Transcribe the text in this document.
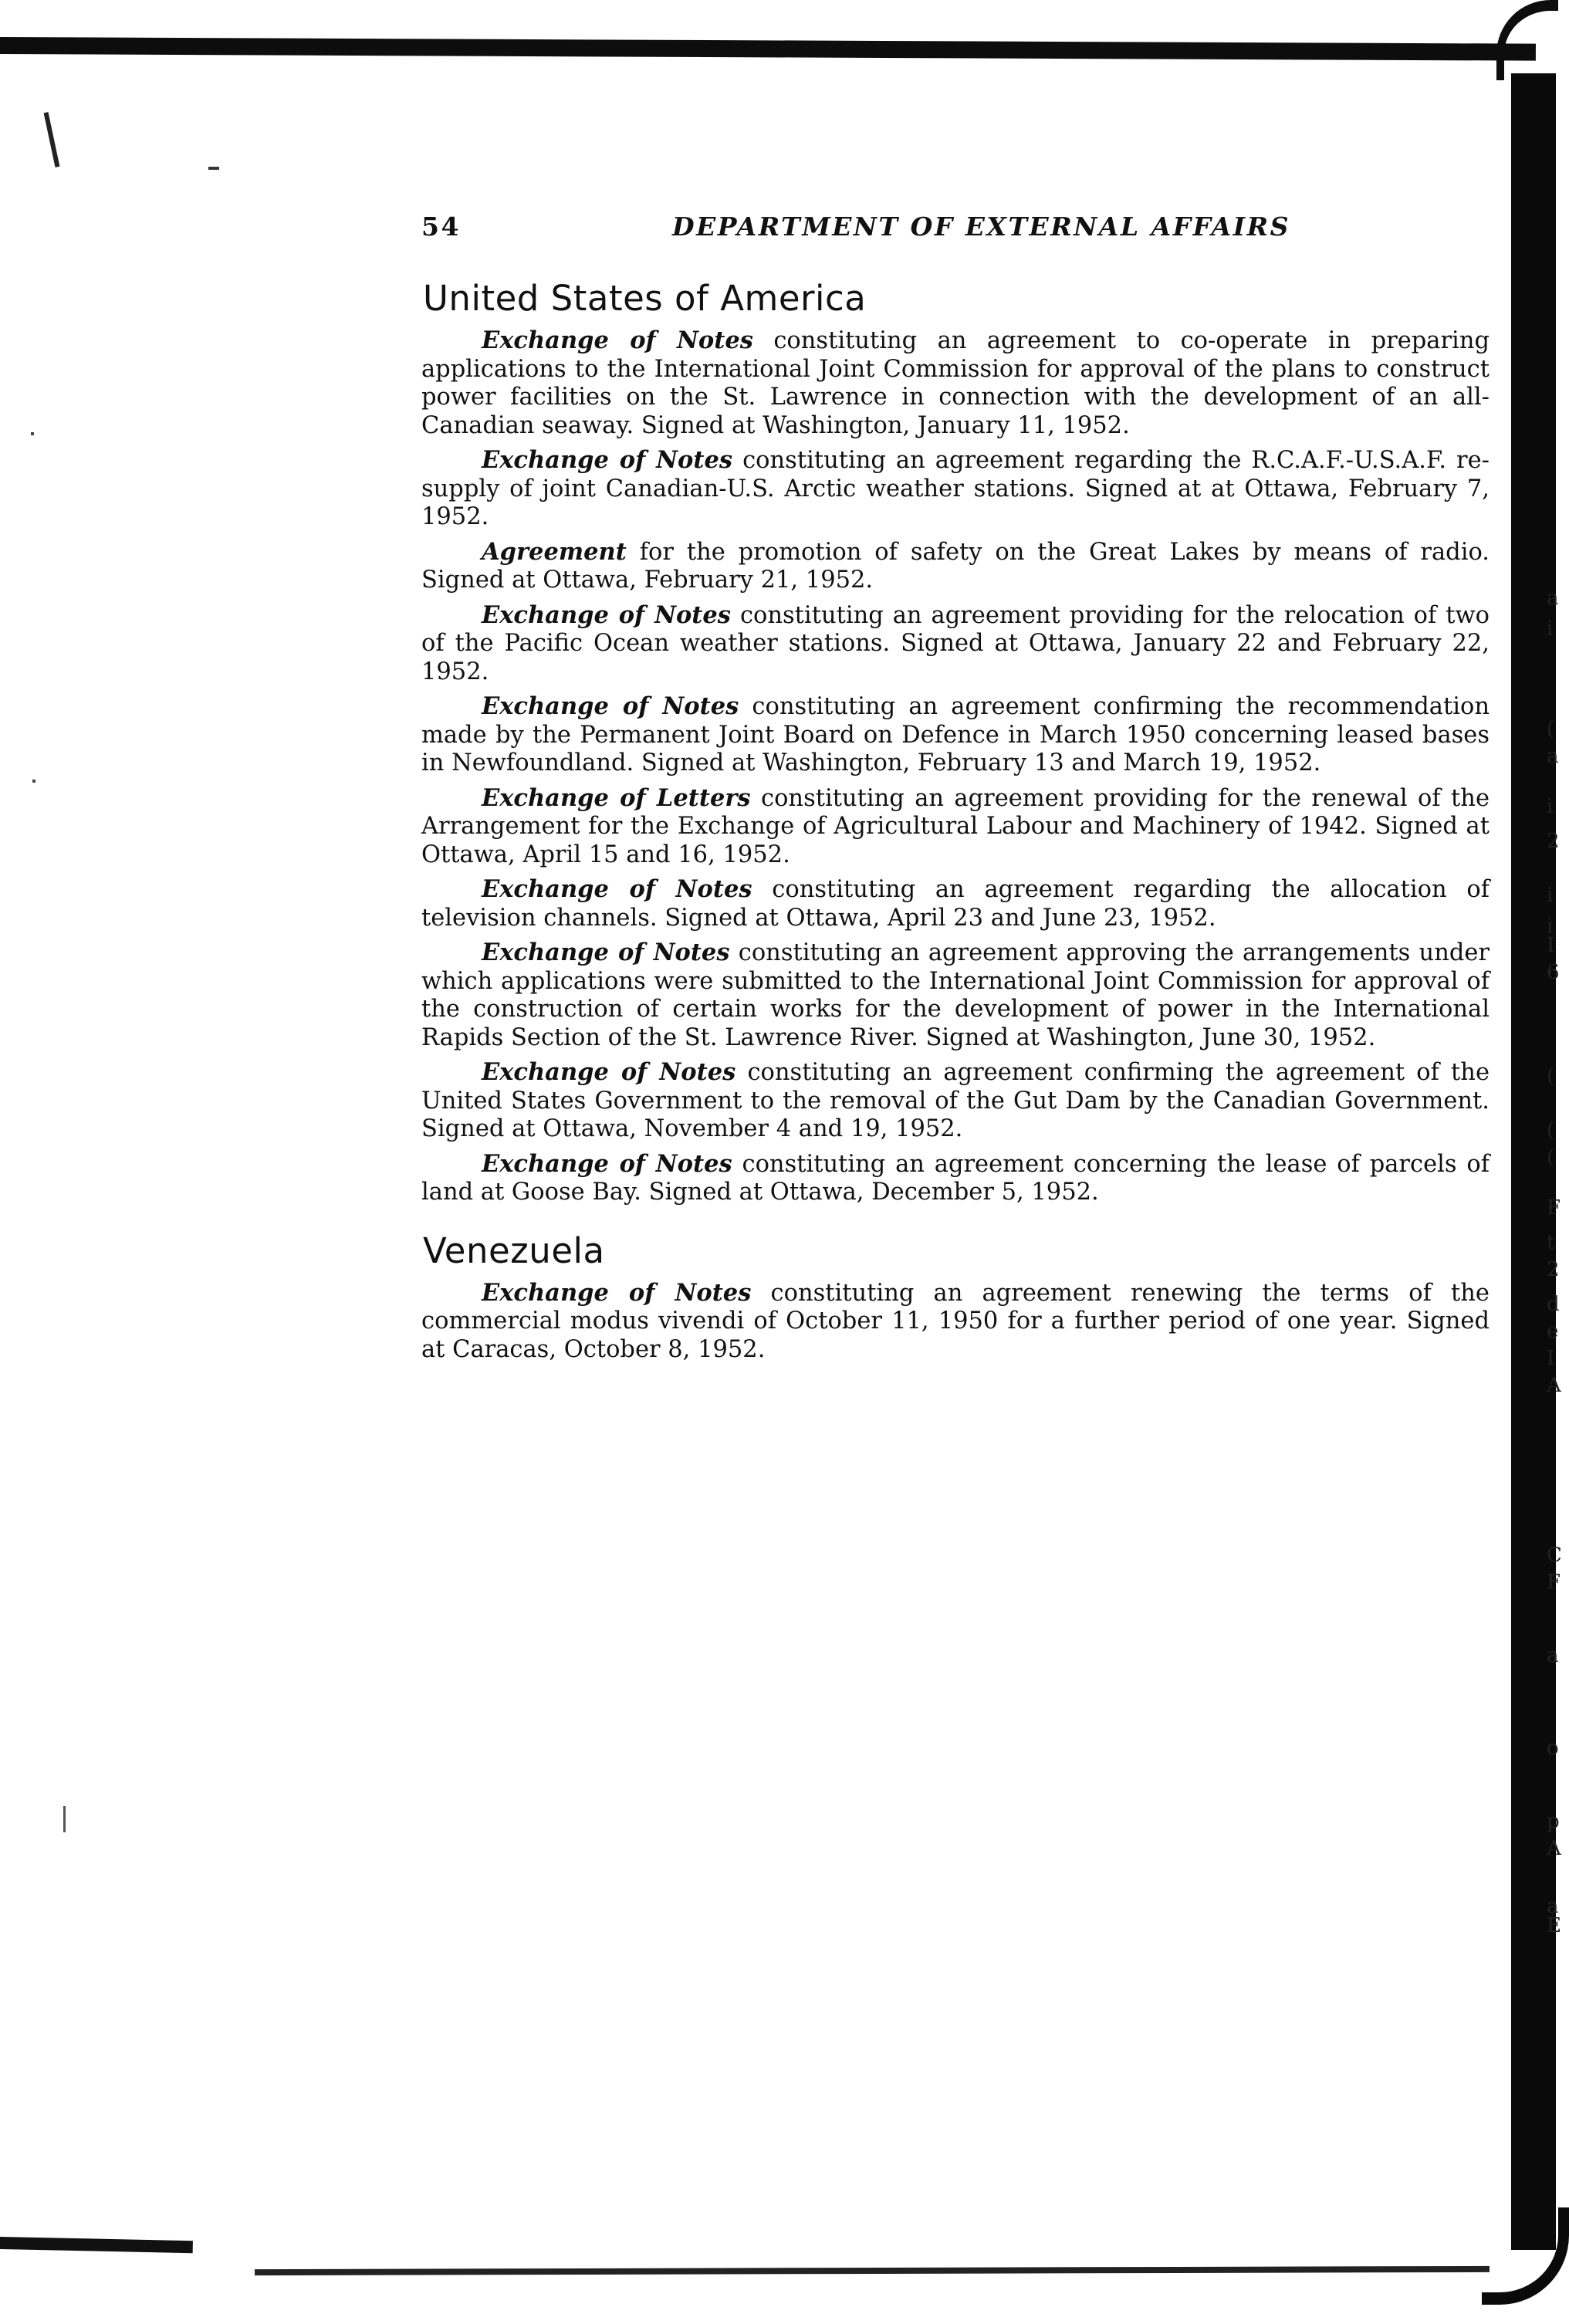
a
i
(
a
i
2
i
i
I
6
(
(
(
F
t
2
d
e
I
A
C
F
a
o
p
A
a
E
54	DEPARTMENT OF EXTERNAL AFFAIRS
United States of America

Exchange of Notes constituting an agreement to co-operate in preparing applications to the International Joint Commission for approval of the plans to construct power facilities on the St. Lawrence in connection with the development of an all-Canadian seaway. Signed at Washington, January 11, 1952.

Exchange of Notes constituting an agreement regarding the R.C.A.F.-U.S.A.F. re-supply of joint Canadian-U.S. Arctic weather stations. Signed at at Ottawa, February 7, 1952.

Agreement for the promotion of safety on the Great Lakes by means of radio. Signed at Ottawa, February 21, 1952.

Exchange of Notes constituting an agreement providing for the relocation of two of the Pacific Ocean weather stations. Signed at Ottawa, January 22 and February 22, 1952.

Exchange of Notes constituting an agreement confirming the recommendation made by the Permanent Joint Board on Defence in March 1950 concerning leased bases in Newfoundland. Signed at Washington, February 13 and March 19, 1952.

Exchange of Letters constituting an agreement providing for the renewal of the Arrangement for the Exchange of Agricultural Labour and Machinery of 1942. Signed at Ottawa, April 15 and 16, 1952.

Exchange of Notes constituting an agreement regarding the allocation of television channels. Signed at Ottawa, April 23 and June 23, 1952.

Exchange of Notes constituting an agreement approving the arrangements under which applications were submitted to the International Joint Commission for approval of the construction of certain works for the development of power in the International Rapids Section of the St. Lawrence River. Signed at Washington, June 30, 1952.

Exchange of Notes constituting an agreement confirming the agreement of the United States Government to the removal of the Gut Dam by the Canadian Government. Signed at Ottawa, November 4 and 19, 1952.

Exchange of Notes constituting an agreement concerning the lease of parcels of land at Goose Bay. Signed at Ottawa, December 5, 1952.

Venezuela

Exchange of Notes constituting an agreement renewing the terms of the commercial modus vivendi of October 11, 1950 for a further period of one year. Signed at Caracas, October 8, 1952.
